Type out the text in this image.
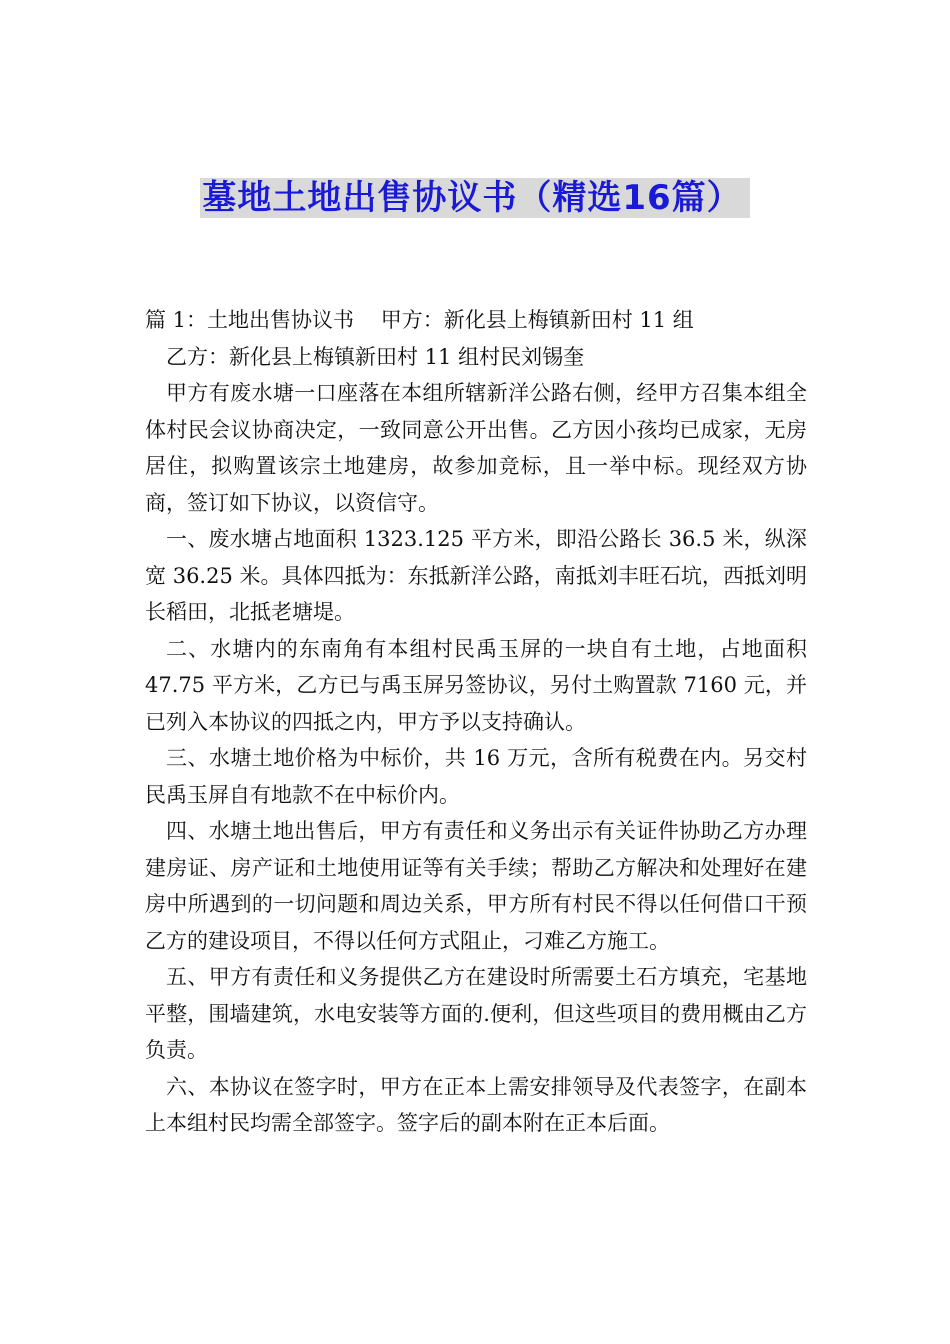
墓地土地出售协议书（精选16篇）

篇 1：土地出售协议书    甲方：新化县上梅镇新田村 11 组

乙方：新化县上梅镇新田村 11 组村民刘锡奎

甲方有废水塘一口座落在本组所辖新洋公路右侧，经甲方召集本组全体村民会议协商决定，一致同意公开出售。乙方因小孩均已成家，无房居住，拟购置该宗土地建房，故参加竞标，且一举中标。现经双方协商，签订如下协议，以资信守。

一、废水塘占地面积 1323.125 平方米，即沿公路长 36.5 米，纵深宽 36.25 米。具体四抵为：东抵新洋公路，南抵刘丰旺石坑，西抵刘明长稻田，北抵老塘堤。

二、水塘内的东南角有本组村民禹玉屏的一块自有土地，占地面积 47.75 平方米，乙方已与禹玉屏另签协议，另付土购置款 7160 元，并已列入本协议的四抵之内，甲方予以支持确认。

三、水塘土地价格为中标价，共 16 万元，含所有税费在内。另交村民禹玉屏自有地款不在中标价内。

四、水塘土地出售后，甲方有责任和义务出示有关证件协助乙方办理建房证、房产证和土地使用证等有关手续；帮助乙方解决和处理好在建房中所遇到的一切问题和周边关系，甲方所有村民不得以任何借口干预乙方的建设项目，不得以任何方式阻止，刁难乙方施工。

五、甲方有责任和义务提供乙方在建设时所需要土石方填充，宅基地平整，围墙建筑，水电安装等方面的.便利，但这些项目的费用概由乙方负责。

六、本协议在签字时，甲方在正本上需安排领导及代表签字，在副本上本组村民均需全部签字。签字后的副本附在正本后面。
